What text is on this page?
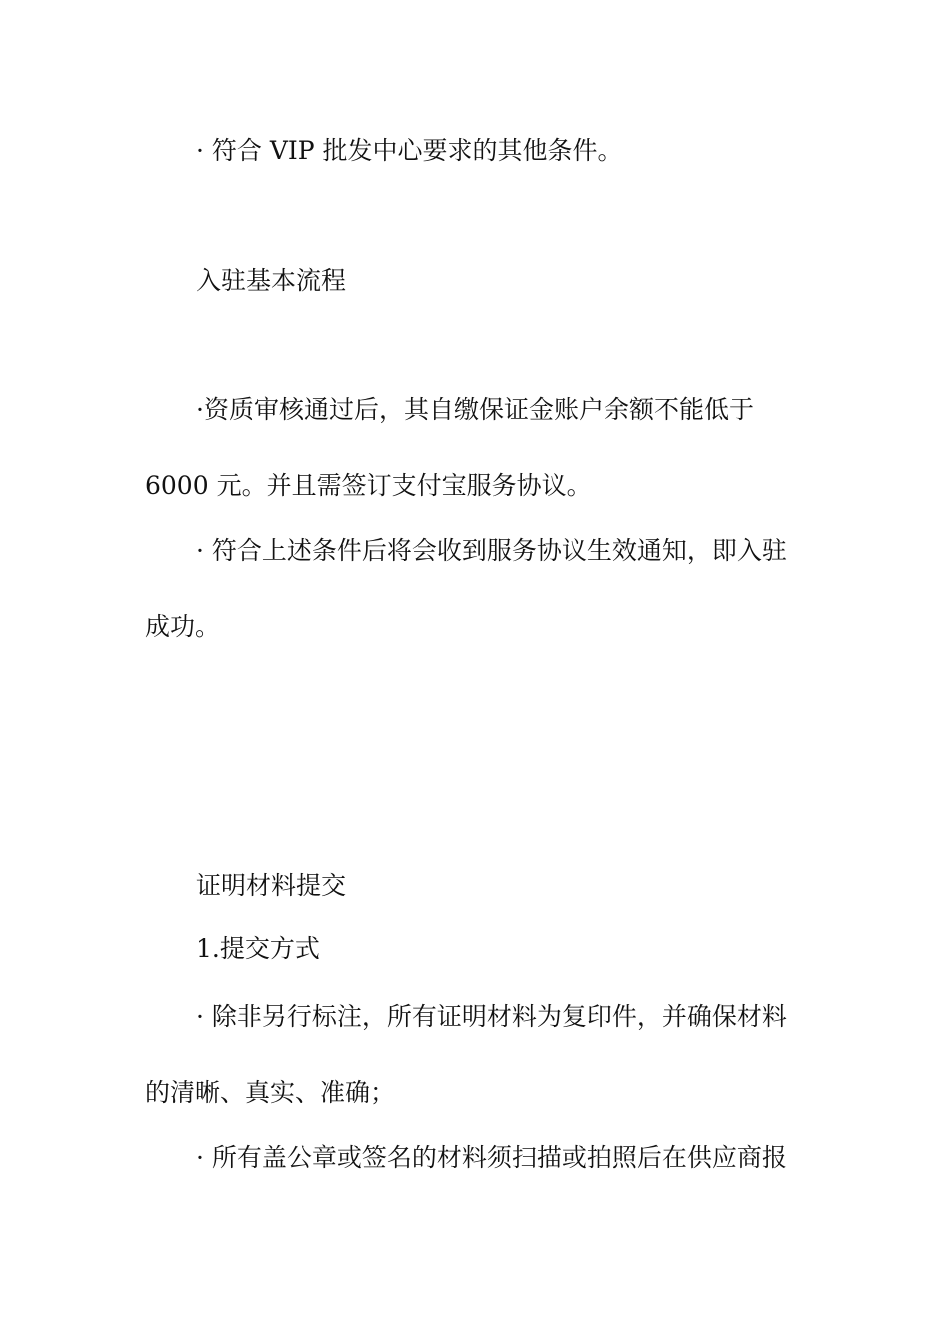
· 符合 VIP 批发中心要求的其他条件。
入驻基本流程
·资质审核通过后，其自缴保证金账户余额不能低于
6000 元。并且需签订支付宝服务协议。
· 符合上述条件后将会收到服务协议生效通知，即入驻
成功。
证明材料提交
1.提交方式
· 除非另行标注，所有证明材料为复印件，并确保材料
的清晰、真实、准确；
· 所有盖公章或签名的材料须扫描或拍照后在供应商报
